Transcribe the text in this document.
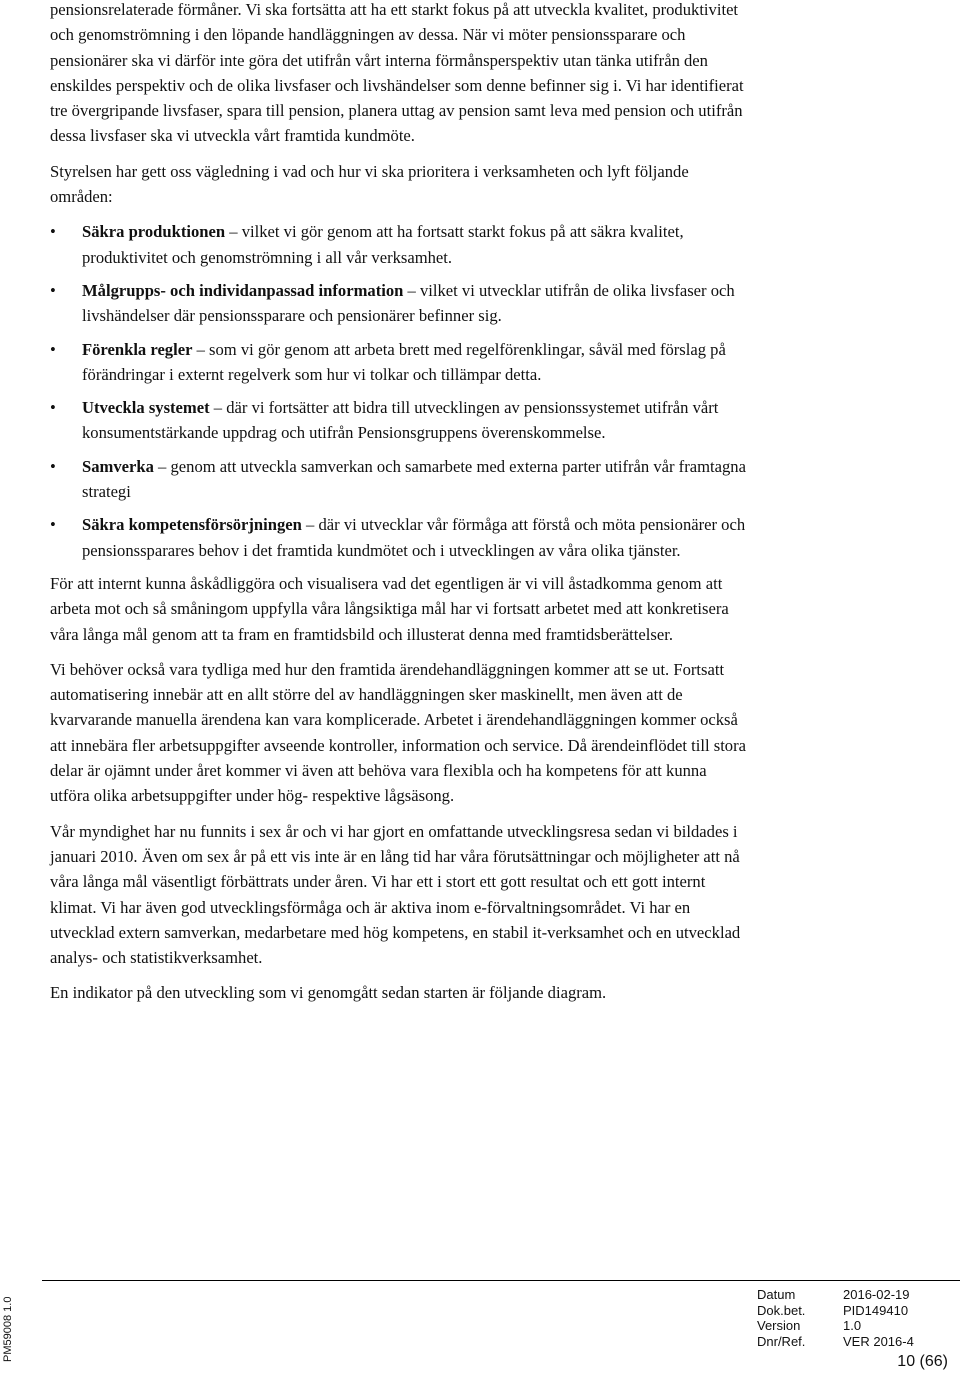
pensionsrelaterade förmåner. Vi ska fortsätta att ha ett starkt fokus på att utveckla kvalitet, produktivitet och genomströmning i den löpande handläggningen av dessa. När vi möter pensionssparare och pensionärer ska vi därför inte göra det utifrån vårt interna förmånsperspektiv utan tänka utifrån den enskildes perspektiv och de olika livsfaser och livshändelser som denne befinner sig i. Vi har identifierat tre övergripande livsfaser, spara till pension, planera uttag av pension samt leva med pension och utifrån dessa livsfaser ska vi utveckla vårt framtida kundmöte.

Styrelsen har gett oss vägledning i vad och hur vi ska prioritera i verksamheten och lyft följande områden:

• Säkra produktionen – vilket vi gör genom att ha fortsatt starkt fokus på att säkra kvalitet, produktivitet och genomströmning i all vår verksamhet.
• Målgrupps- och individanpassad information – vilket vi utvecklar utifrån de olika livsfaser och livshändelser där pensionssparare och pensionärer befinner sig.
• Förenkla regler – som vi gör genom att arbeta brett med regelförenklingar, såväl med förslag på förändringar i externt regelverk som hur vi tolkar och tillämpar detta.
• Utveckla systemet – där vi fortsätter att bidra till utvecklingen av pensionssystemet utifrån vårt konsumentstärkande uppdrag och utifrån Pensionsgruppens överenskommelse.
• Samverka – genom att utveckla samverkan och samarbete med externa parter utifrån vår framtagna strategi
• Säkra kompetensförsörjningen – där vi utvecklar vår förmåga att förstå och möta pensionärer och pensionssparares behov i det framtida kundmötet och i utvecklingen av våra olika tjänster.

För att internt kunna åskådliggöra och visualisera vad det egentligen är vi vill åstadkomma genom att arbeta mot och så småningom uppfylla våra långsiktiga mål har vi fortsatt arbetet med att konkretisera våra långa mål genom att ta fram en framtidsbild och illusterat denna med framtidsberättelser.

Vi behöver också vara tydliga med hur den framtida ärendehandläggningen kommer att se ut. Fortsatt automatisering innebär att en allt större del av handläggningen sker maskinellt, men även att de kvarvarande manuella ärendena kan vara komplicerade. Arbetet i ärendehandläggningen kommer också att innebära fler arbetsuppgifter avseende kontroller, information och service. Då ärendeinflödet till stora delar är ojämnt under året kommer vi även att behöva vara flexibla och ha kompetens för att kunna utföra olika arbetsuppgifter under hög- respektive lågsäsong.

Vår myndighet har nu funnits i sex år och vi har gjort en omfattande utvecklingsresa sedan vi bildades i januari 2010. Även om sex år på ett vis inte är en lång tid har våra förutsättningar och möjligheter att nå våra långa mål väsentligt förbättrats under åren. Vi har ett i stort ett gott resultat och ett gott internt klimat. Vi har även god utvecklingsförmåga och är aktiva inom e-förvaltningsområdet. Vi har en utvecklad extern samverkan, medarbetare med hög kompetens, en stabil it-verksamhet och en utvecklad analys- och statistikverksamhet.

En indikator på den utveckling som vi genomgått sedan starten är följande diagram.

PM59008 1.0
Datum	2016-02-19
Dok.bet.	PID149410
Version	1.0
Dnr/Ref.	VER 2016-4
10 (66)
